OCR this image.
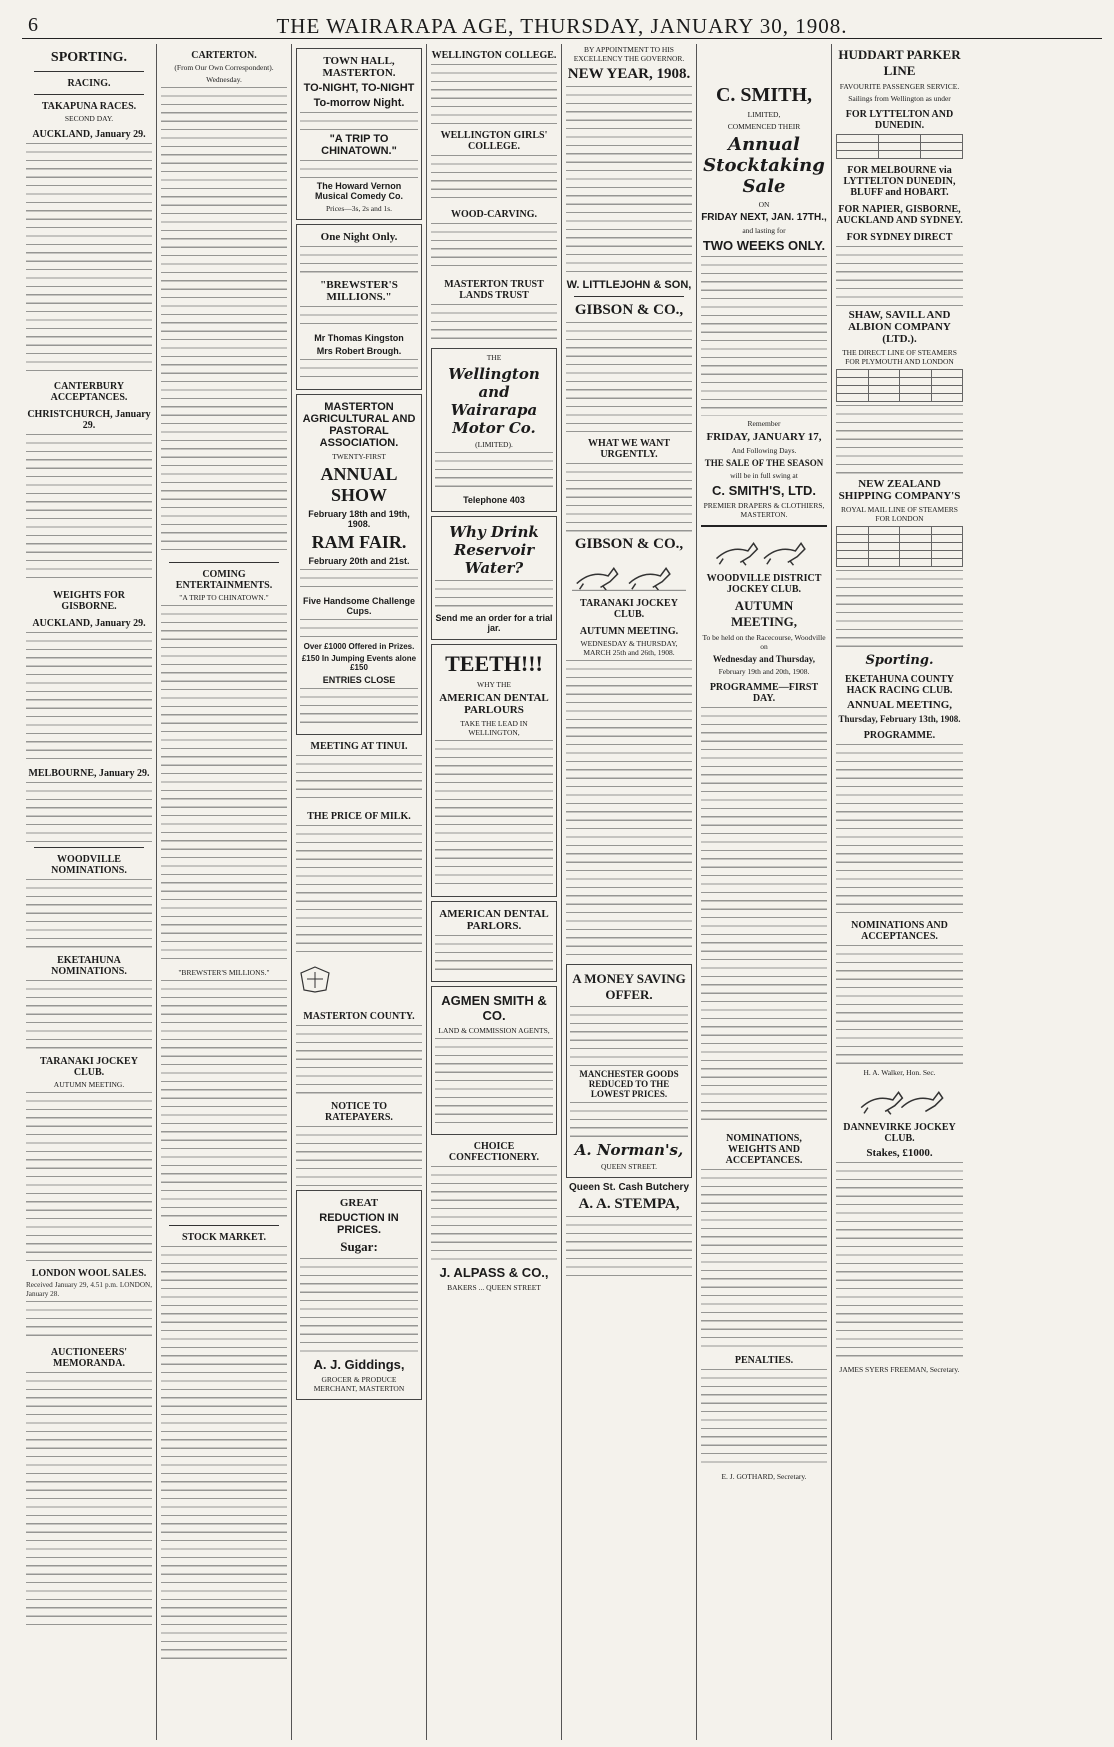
6	THE WAIRARAPA AGE, THURSDAY, JANUARY 30, 1908.
SPORTING.
RACING.
TAKAPUNA RACES.
SECOND DAY.
AUCKLAND, January 29.
CANTERBURY ACCEPTANCES.
CHRISTCHURCH, January 29.
WEIGHTS FOR GISBORNE.
AUCKLAND, January 29.
MELBOURNE, January 29.
WOODVILLE NOMINATIONS.
EKETAHUNA NOMINATIONS.
TARANAKI JOCKEY CLUB.
AUTUMN MEETING.
LONDON WOOL SALES.
Received January 29, 4.51 p.m. LONDON, January 28.
AUCTIONEERS' MEMORANDA.
CARTERTON.
(From Our Own Correspondent).
Wednesday.
COMING ENTERTAINMENTS.
"A TRIP TO CHINATOWN."
"BREWSTER'S MILLIONS."
STOCK MARKET.
TOWN HALL, MASTERTON.
TO-NIGHT, TO-NIGHT
To-morrow Night.
"A TRIP TO CHINATOWN."
The Howard Vernon Musical Comedy Co.
Prices—3s, 2s and 1s.
One Night Only.
"BREWSTER'S MILLIONS."
Mr Thomas Kingston
Mrs Robert Brough.
MASTERTON AGRICULTURAL AND PASTORAL ASSOCIATION.
TWENTY-FIRST
ANNUAL SHOW
February 18th and 19th, 1908.
RAM FAIR.
February 20th and 21st.
Five Handsome Challenge Cups.
Over £1000 Offered in Prizes.
£150 In Jumping Events alone £150
ENTRIES CLOSE
MEETING AT TINUI.
THE PRICE OF MILK.
MASTERTON COUNTY.
NOTICE TO RATEPAYERS.
GREAT
REDUCTION IN PRICES.
Sugar:
A. J. Giddings,
GROCER & PRODUCE MERCHANT, MASTERTON
WELLINGTON COLLEGE.
WELLINGTON GIRLS' COLLEGE.
WOOD-CARVING.
MASTERTON TRUST LANDS TRUST
THE
Wellington and Wairarapa Motor Co.
(LIMITED).
Telephone 403
Why Drink Reservoir Water?
Send me an order for a trial jar.
TEETH!!!
WHY THE
AMERICAN DENTAL PARLOURS
TAKE THE LEAD IN WELLINGTON,
AMERICAN DENTAL PARLORS.
AGMEN SMITH & CO.
LAND & COMMISSION AGENTS,
CHOICE CONFECTIONERY.
J. ALPASS & CO.,
BAKERS ... QUEEN STREET
BY APPOINTMENT TO HIS EXCELLENCY THE GOVERNOR.
NEW YEAR, 1908.
W. LITTLEJOHN & SON,
GIBSON & CO.,
WHAT WE WANT URGENTLY.
GIBSON & CO.,
TARANAKI JOCKEY CLUB.
AUTUMN MEETING.
WEDNESDAY & THURSDAY, MARCH 25th and 26th, 1908.
A MONEY SAVING OFFER.
MANCHESTER GOODS REDUCED TO THE LOWEST PRICES.
A. Norman's,
QUEEN STREET.
Queen St. Cash Butchery
A. A. STEMPA,
C. SMITH,
LIMITED,
COMMENCED THEIR
Annual Stocktaking Sale
ON
FRIDAY NEXT, JAN. 17TH.,
and lasting for
TWO WEEKS ONLY.
Remember
FRIDAY, JANUARY 17,
And Following Days.
THE SALE OF THE SEASON
will be in full swing at
C. SMITH'S, LTD.
PREMIER DRAPERS & CLOTHIERS, MASTERTON.
WOODVILLE DISTRICT JOCKEY CLUB.
AUTUMN MEETING,
To be held on the Racecourse, Woodville on
Wednesday and Thursday,
February 19th and 20th, 1908.
PROGRAMME—FIRST DAY.
NOMINATIONS, WEIGHTS AND ACCEPTANCES.
PENALTIES.
E. J. GOTHARD, Secretary.
HUDDART PARKER LINE
FAVOURITE PASSENGER SERVICE.
Sailings from Wellington as under
FOR LYTTELTON AND DUNEDIN.

FOR MELBOURNE via LYTTELTON DUNEDIN, BLUFF and HOBART.
FOR NAPIER, GISBORNE, AUCKLAND AND SYDNEY.
FOR SYDNEY DIRECT
SHAW, SAVILL AND ALBION COMPANY (LTD.).
THE DIRECT LINE OF STEAMERS FOR PLYMOUTH AND LONDON

NEW ZEALAND SHIPPING COMPANY'S
ROYAL MAIL LINE OF STEAMERS FOR LONDON

Sporting.
EKETAHUNA COUNTY HACK RACING CLUB.
ANNUAL MEETING,
Thursday, February 13th, 1908.
PROGRAMME.
NOMINATIONS AND ACCEPTANCES.
H. A. Walker, Hon. Sec.
DANNEVIRKE JOCKEY CLUB.
Stakes, £1000.
JAMES SYERS FREEMAN, Secretary.
